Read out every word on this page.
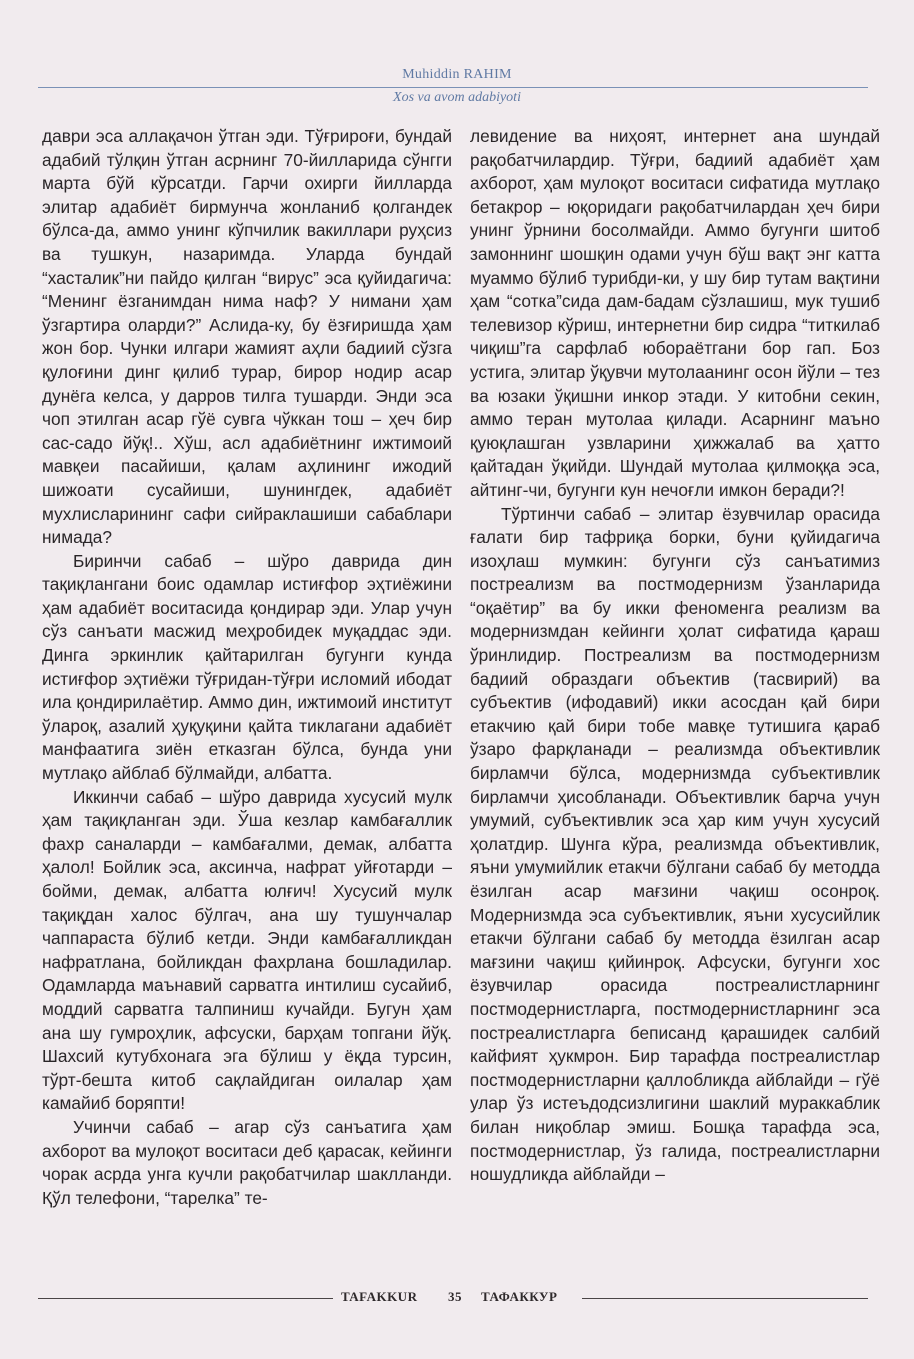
Muhiddin RAHIM
Xos va avom adabiyoti

даври эса аллақачон ўтган эди. Тўғрироғи, бундай адабий тўлқин ўтган асрнинг 70-йилларида сўнгги марта бўй кўрсатди. Гарчи охирги йилларда элитар адабиёт бирмунча жонланиб қолгандек бўлса-да, аммо унинг кўпчилик вакиллари руҳсиз ва тушкун, назаримда. Уларда бундай “хасталик”ни пайдо қилган “вирус” эса қуйидагича: “Менинг ёзганимдан нима наф? У нимани ҳам ўзгартира оларди?” Аслида-ку, бу ёзғиришда ҳам жон бор. Чунки илгари жамият аҳли бадиий сўзга қулоғини динг қилиб турар, бирор нодир асар дунёга келса, у дарров тилга тушарди. Энди эса чоп этилган асар гўё сувга чўккан тош – ҳеч бир сас-садо йўқ!.. Хўш, асл адабиётнинг ижтимоий мавқеи пасайиши, қалам аҳлининг ижодий шижоати сусайиши, шунингдек, адабиёт мухлисларининг сафи сийраклашиши сабаблари нимада?

Биринчи сабаб – шўро даврида дин тақиқлангани боис одамлар истиғфор эҳтиёжини ҳам адабиёт воситасида қондирар эди. Улар учун сўз санъати масжид меҳробидек муқаддас эди. Динга эркинлик қайтарилган бугунги кунда истиғфор эҳтиёжи тўғридан-тўғри исломий ибодат ила қондирилаётир. Аммо дин, ижтимоий институт ўлароқ, азалий ҳуқуқини қайта тиклагани адабиёт манфаатига зиён етказган бўлса, бунда уни мутлақо айблаб бўлмайди, албатта.

Иккинчи сабаб – шўро даврида хусусий мулк ҳам тақиқланган эди. Ўша кезлар камбағаллик фахр саналарди – камбағалми, демак, албатта ҳалол! Бойлик эса, аксинча, нафрат уйғотарди – бойми, демак, албатта юлғич! Хусусий мулк тақиқдан халос бўлгач, ана шу тушунчалар чаппараста бўлиб кетди. Энди камбағалликдан нафратлана, бойликдан фахрлана бошладилар. Одамларда маънавий сарватга интилиш сусайиб, моддий сарватга талпиниш кучайди. Бугун ҳам ана шу гумроҳлик, афсуски, барҳам топгани йўқ. Шахсий кутубхонага эга бўлиш у ёқда турсин, тўрт-бешта китоб сақлайдиган оилалар ҳам камайиб боряпти!

Учинчи сабаб – агар сўз санъатига ҳам ахборот ва мулоқот воситаси деб қарасак, кейинги чорак асрда унга кучли рақобатчилар шаклланди. Қўл телефони, “тарелка” те-

левидение ва ниҳоят, интернет ана шундай рақобатчилардир. Тўғри, бадиий адабиёт ҳам ахборот, ҳам мулоқот воситаси сифатида мутлақо бетакрор – юқоридаги рақобатчилардан ҳеч бири унинг ўрнини босолмайди. Аммо бугунги шитоб замоннинг шошқин одами учун бўш вақт энг катта муаммо бўлиб турибди-ки, у шу бир тутам вақтини ҳам “сотка”сида дам-бадам сўзлашиш, мук тушиб телевизор кўриш, интернетни бир сидра “титкилаб чиқиш”га сарфлаб юбораётгани бор гап. Боз устига, элитар ўқувчи мутолаанинг осон йўли – тез ва юзаки ўқишни инкор этади. У китобни секин, аммо теран мутолаа қилади. Асарнинг маъно қуюқлашган узвларини ҳижжалаб ва ҳатто қайтадан ўқийди. Шундай мутолаа қилмоққа эса, айтинг-чи, бугунги кун нечоғли имкон беради?!

Тўртинчи сабаб – элитар ёзувчилар орасида ғалати бир тафриқа борки, буни қуйидагича изоҳлаш мумкин: бугунги сўз санъатимиз постреализм ва постмодернизм ўзанларида “оқаётир” ва бу икки феноменга реализм ва модернизмдан кейинги ҳолат сифатида қараш ўринлидир. Постреализм ва постмодернизм бадиий образдаги объектив (тасвирий) ва субъектив (ифодавий) икки асосдан қай бири етакчию қай бири тобе мавқе тутишига қараб ўзаро фарқланади – реализмда объективлик бирламчи бўлса, модернизмда субъективлик бирламчи ҳисобланади. Объективлик барча учун умумий, субъективлик эса ҳар ким учун хусусий ҳолатдир. Шунга кўра, реализмда объективлик, яъни умумийлик етакчи бўлгани сабаб бу методда ёзилган асар мағзини чақиш осонроқ. Модернизмда эса субъективлик, яъни хусусийлик етакчи бўлгани сабаб бу методда ёзилган асар мағзини чақиш қийинроқ. Афсуски, бугунги хос ёзувчилар орасида постреалистларнинг постмодернистларга, постмодернистларнинг эса постреалистларга беписанд қарашидек салбий кайфият ҳукмрон. Бир тарафда постреалистлар постмодернистларни қаллобликда айблайди – гўё улар ўз истеъдодсизлигини шаклий мураккаблик билан ниқоблар эмиш. Бошқа тарафда эса, постмодернистлар, ўз галида, постреалистларни ношудликда айблайди –

TAFAKKUR 35 ТАФАККУР
